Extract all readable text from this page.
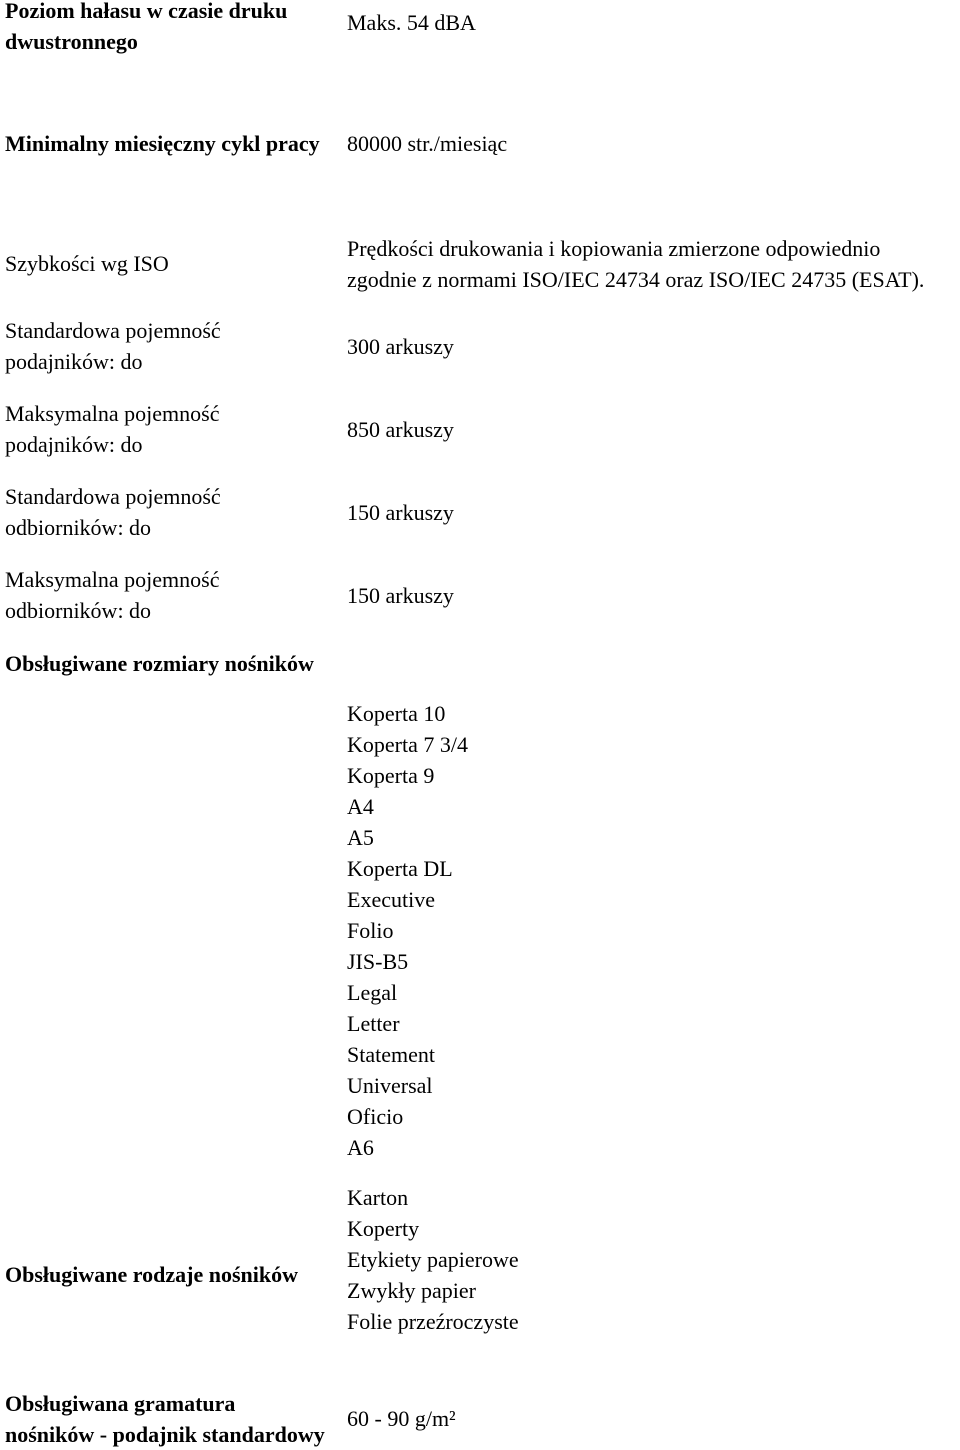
Poziom hałasu w czasie druku
dwustronnego
Maks. 54 dBA
Minimalny miesięczny cykl pracy 80000 str./miesiąc
Szybkości wg ISO
Prędkości drukowania i kopiowania zmierzone odpowiednio
zgodnie z normami ISO/IEC 24734 oraz ISO/IEC 24735 (ESAT).
Standardowa pojemność
podajników: do
300 arkuszy
Maksymalna pojemność
podajników: do
850 arkuszy
Standardowa pojemność
odbiorników: do
150 arkuszy
Maksymalna pojemność
odbiorników: do
150 arkuszy
Obsługiwane rozmiary nośników
Koperta 10
Koperta 7 3/4
Koperta 9
A4
A5
Koperta DL
Executive
Folio
JIS-B5
Legal
Letter
Statement
Universal
Oficio
A6
Obsługiwane rodzaje nośników
Karton
Koperty
Etykiety papierowe
Zwykły papier
Folie przeźroczyste
Obsługiwana gramatura
nośników - podajnik standardowy
60 - 90 g/m²
